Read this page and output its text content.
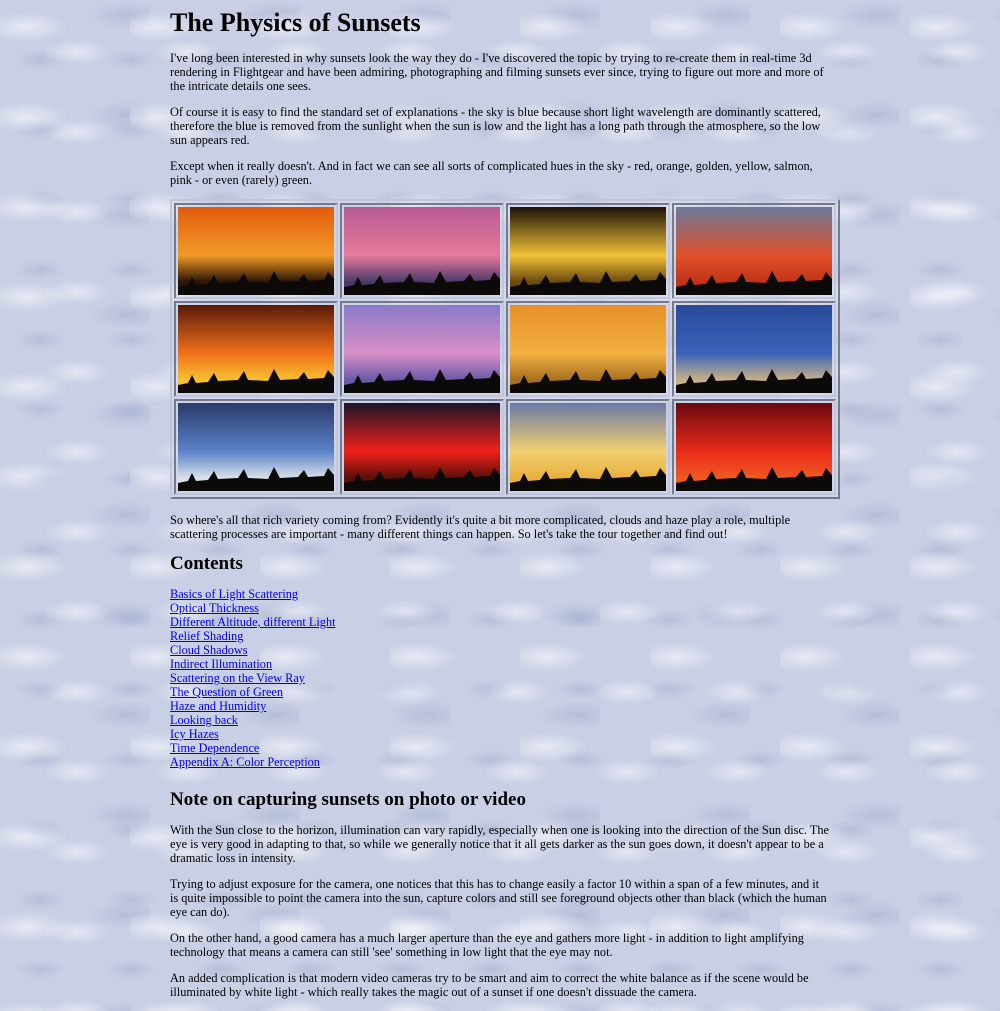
The Physics of Sunsets

I've long been interested in why sunsets look the way they do - I've discovered the topic by trying to re-create them in real-time 3d rendering in Flightgear and have been admiring, photographing and filming sunsets ever since, trying to figure out more and more of the intricate details one sees.

Of course it is easy to find the standard set of explanations - the sky is blue because short light wavelength are dominantly scattered, therefore the blue is removed from the sunlight when the sun is low and the light has a long path through the atmosphere, so the low sun appears red.

Except when it really doesn't. And in fact we can see all sorts of complicated hues in the sky - red, orange, golden, yellow, salmon, pink - or even (rarely) green.

So where's all that rich variety coming from? Evidently it's quite a bit more complicated, clouds and haze play a role, multiple scattering processes are important - many different things can happen. So let's take the tour together and find out!

Contents
Basics of Light Scattering
Optical Thickness
Different Altitude, different Light
Relief Shading
Cloud Shadows
Indirect Illumination
Scattering on the View Ray
The Question of Green
Haze and Humidity
Looking back
Icy Hazes
Time Dependence
Appendix A: Color Perception
Note on capturing sunsets on photo or video

With the Sun close to the horizon, illumination can vary rapidly, especially when one is looking into the direction of the Sun disc. The eye is very good in adapting to that, so while we generally notice that it all gets darker as the sun goes down, it doesn't appear to be a dramatic loss in intensity.

Trying to adjust exposure for the camera, one notices that this has to change easily a factor 10 within a span of a few minutes, and it is quite impossible to point the camera into the sun, capture colors and still see foreground objects other than black (which the human eye can do).

On the other hand, a good camera has a much larger aperture than the eye and gathers more light - in addition to light amplifying technology that means a camera can still 'see' something in low light that the eye may not.

An added complication is that modern video cameras try to be smart and aim to correct the white balance as if the scene would be illuminated by white light - which really takes the magic out of a sunset if one doesn't dissuade the camera.
